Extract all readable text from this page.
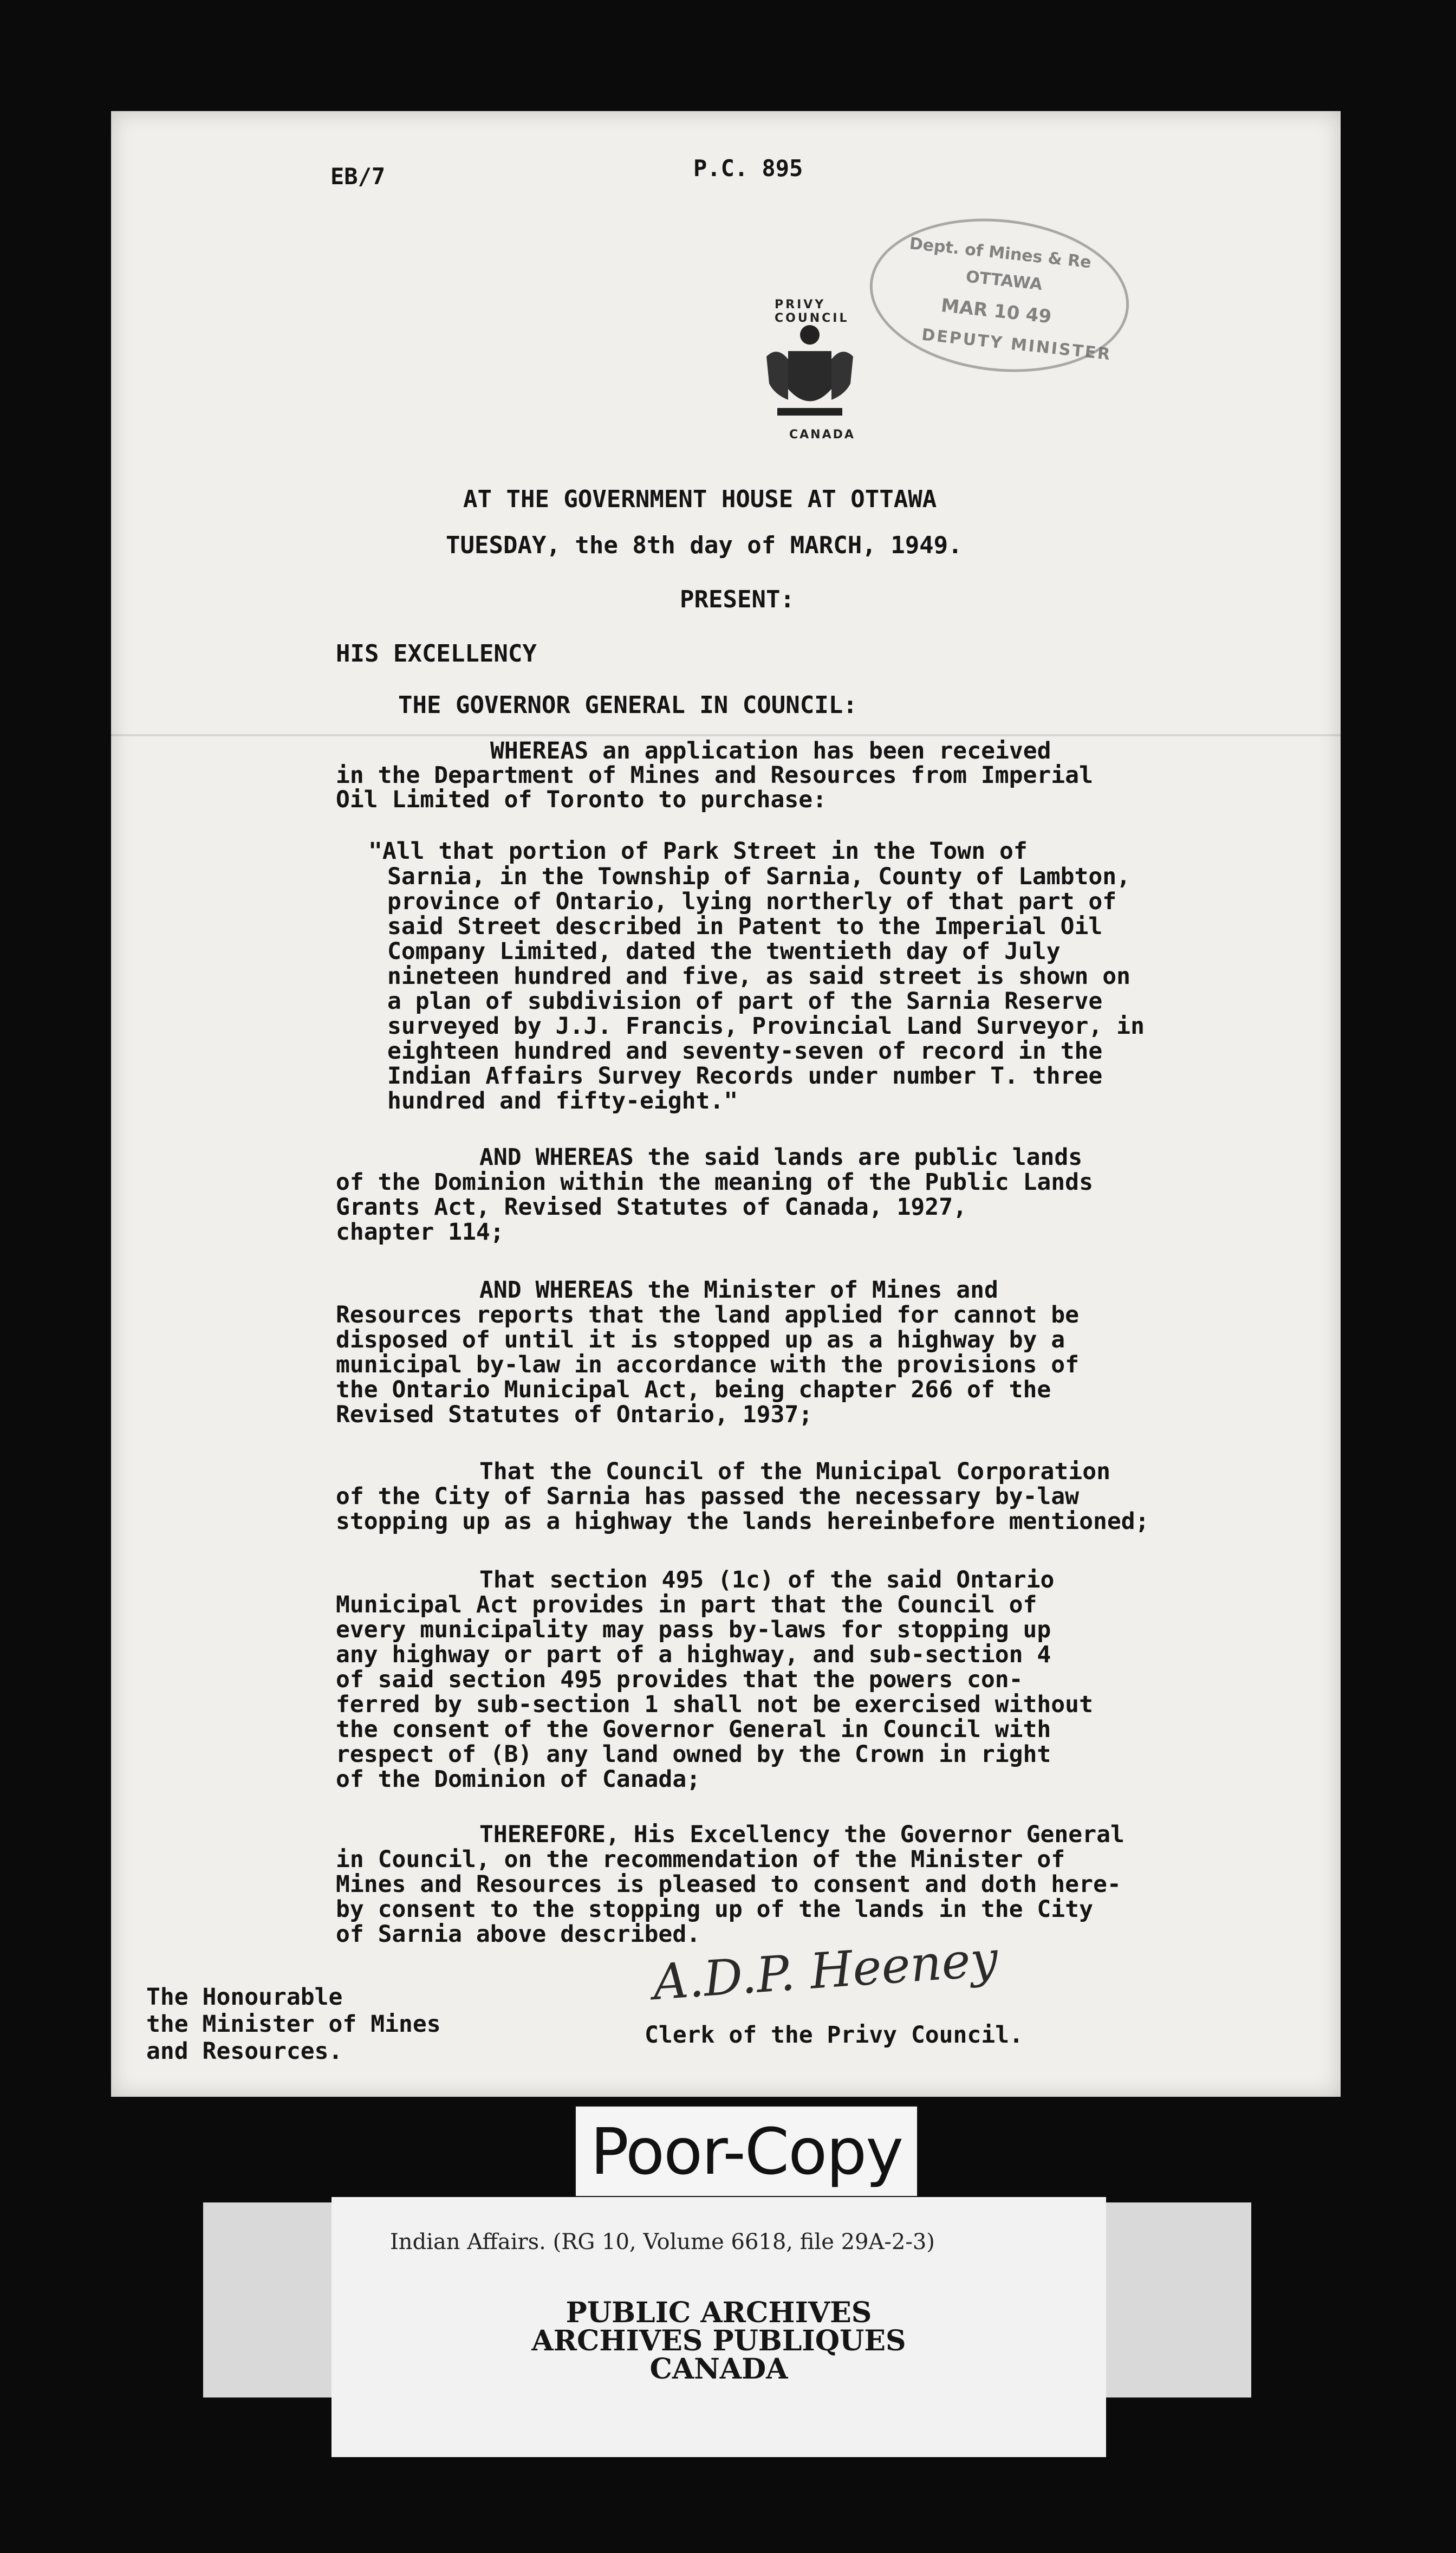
EB/7	P.C. 895
PRIVY COUNCIL
CANADA
Dept. of Mines & Re
OTTAWA
MAR 10 49
DEPUTY MINISTER
AT THE GOVERNMENT HOUSE AT OTTAWA
TUESDAY, the 8th day of MARCH, 1949.
PRESENT:
HIS EXCELLENCY
THE GOVERNOR GENERAL IN COUNCIL:
WHEREAS an application has been received
in the Department of Mines and Resources from Imperial
Oil Limited of Toronto to purchase:
"All that portion of Park Street in the Town of
Sarnia, in the Township of Sarnia, County of Lambton,
province of Ontario, lying northerly of that part of
said Street described in Patent to the Imperial Oil
Company Limited, dated the twentieth day of July
nineteen hundred and five, as said street is shown on
a plan of subdivision of part of the Sarnia Reserve
surveyed by J.J. Francis, Provincial Land Surveyor, in
eighteen hundred and seventy-seven of record in the
Indian Affairs Survey Records under number T. three
hundred and fifty-eight."
AND WHEREAS the said lands are public lands
of the Dominion within the meaning of the Public Lands
Grants Act, Revised Statutes of Canada, 1927,
chapter 114;
AND WHEREAS the Minister of Mines and
Resources reports that the land applied for cannot be
disposed of until it is stopped up as a highway by a
municipal by-law in accordance with the provisions of
the Ontario Municipal Act, being chapter 266 of the
Revised Statutes of Ontario, 1937;
That the Council of the Municipal Corporation
of the City of Sarnia has passed the necessary by-law
stopping up as a highway the lands hereinbefore mentioned;
That section 495 (1c) of the said Ontario
Municipal Act provides in part that the Council of
every municipality may pass by-laws for stopping up
any highway or part of a highway, and sub-section 4
of said section 495 provides that the powers con-
ferred by sub-section 1 shall not be exercised without
the consent of the Governor General in Council with
respect of (B) any land owned by the Crown in right
of the Dominion of Canada;
THEREFORE, His Excellency the Governor General
in Council, on the recommendation of the Minister of
Mines and Resources is pleased to consent and doth here-
by consent to the stopping up of the lands in the City
of Sarnia above described.
The Honourable
the Minister of Mines
and Resources.
A.D.P. Heeney
Clerk of the Privy Council.
Poor-Copy
Indian Affairs. (RG 10, Volume 6618, file 29A-2-3)
PUBLIC ARCHIVES
ARCHIVES PUBLIQUES
CANADA
